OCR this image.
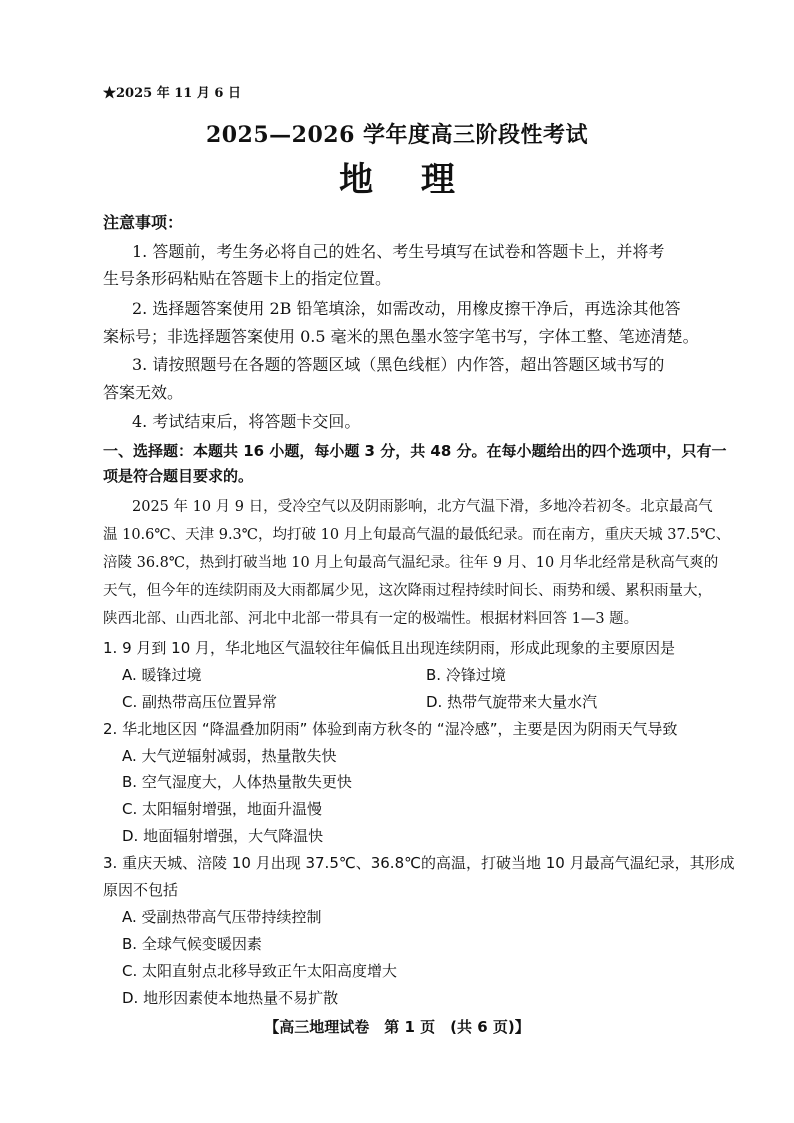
★2025 年 11 月 6 日
2025—2026 学年度高三阶段性考试
地 理
注意事项：
1. 答题前，考生务必将自己的姓名、考生号填写在试卷和答题卡上，并将考
生号条形码粘贴在答题卡上的指定位置。
2. 选择题答案使用 2B 铅笔填涂，如需改动，用橡皮擦干净后，再选涂其他答
案标号；非选择题答案使用 0.5 毫米的黑色墨水签字笔书写，字体工整、笔迹清楚。
3. 请按照题号在各题的答题区域（黑色线框）内作答，超出答题区域书写的
答案无效。
4. 考试结束后，将答题卡交回。
一、选择题：本题共 16 小题，每小题 3 分，共 48 分。在每小题给出的四个选项中，只有一
项是符合题目要求的。
2025 年 10 月 9 日，受冷空气以及阴雨影响，北方气温下滑，多地冷若初冬。北京最高气
温 10.6℃、天津 9.3℃，均打破 10 月上旬最高气温的最低纪录。而在南方，重庆天城 37.5℃、
涪陵 36.8℃，热到打破当地 10 月上旬最高气温纪录。往年 9 月、10 月华北经常是秋高气爽的
天气，但今年的连续阴雨及大雨都属少见，这次降雨过程持续时间长、雨势和缓、累积雨量大，
陕西北部、山西北部、河北中北部一带具有一定的极端性。根据材料回答 1—3 题。
1. 9 月到 10 月，华北地区气温较往年偏低且出现连续阴雨，形成此现象的主要原因是
A. 暖锋过境	B. 冷锋过境
C. 副热带高压位置异常	D. 热带气旋带来大量水汽
2. 华北地区因 “降温叠加阴雨” 体验到南方秋冬的 “湿冷感”，主要是因为阴雨天气导致
A. 大气逆辐射减弱，热量散失快
B. 空气湿度大，人体热量散失更快
C. 太阳辐射增强，地面升温慢
D. 地面辐射增强，大气降温快
3. 重庆天城、涪陵 10 月出现 37.5℃、36.8℃的高温，打破当地 10 月最高气温纪录，其形成
原因不包括
A. 受副热带高气压带持续控制
B. 全球气候变暖因素
C. 太阳直射点北移导致正午太阳高度增大
D. 地形因素使本地热量不易扩散
【高三地理试卷　第 1 页　(共 6 页)】
